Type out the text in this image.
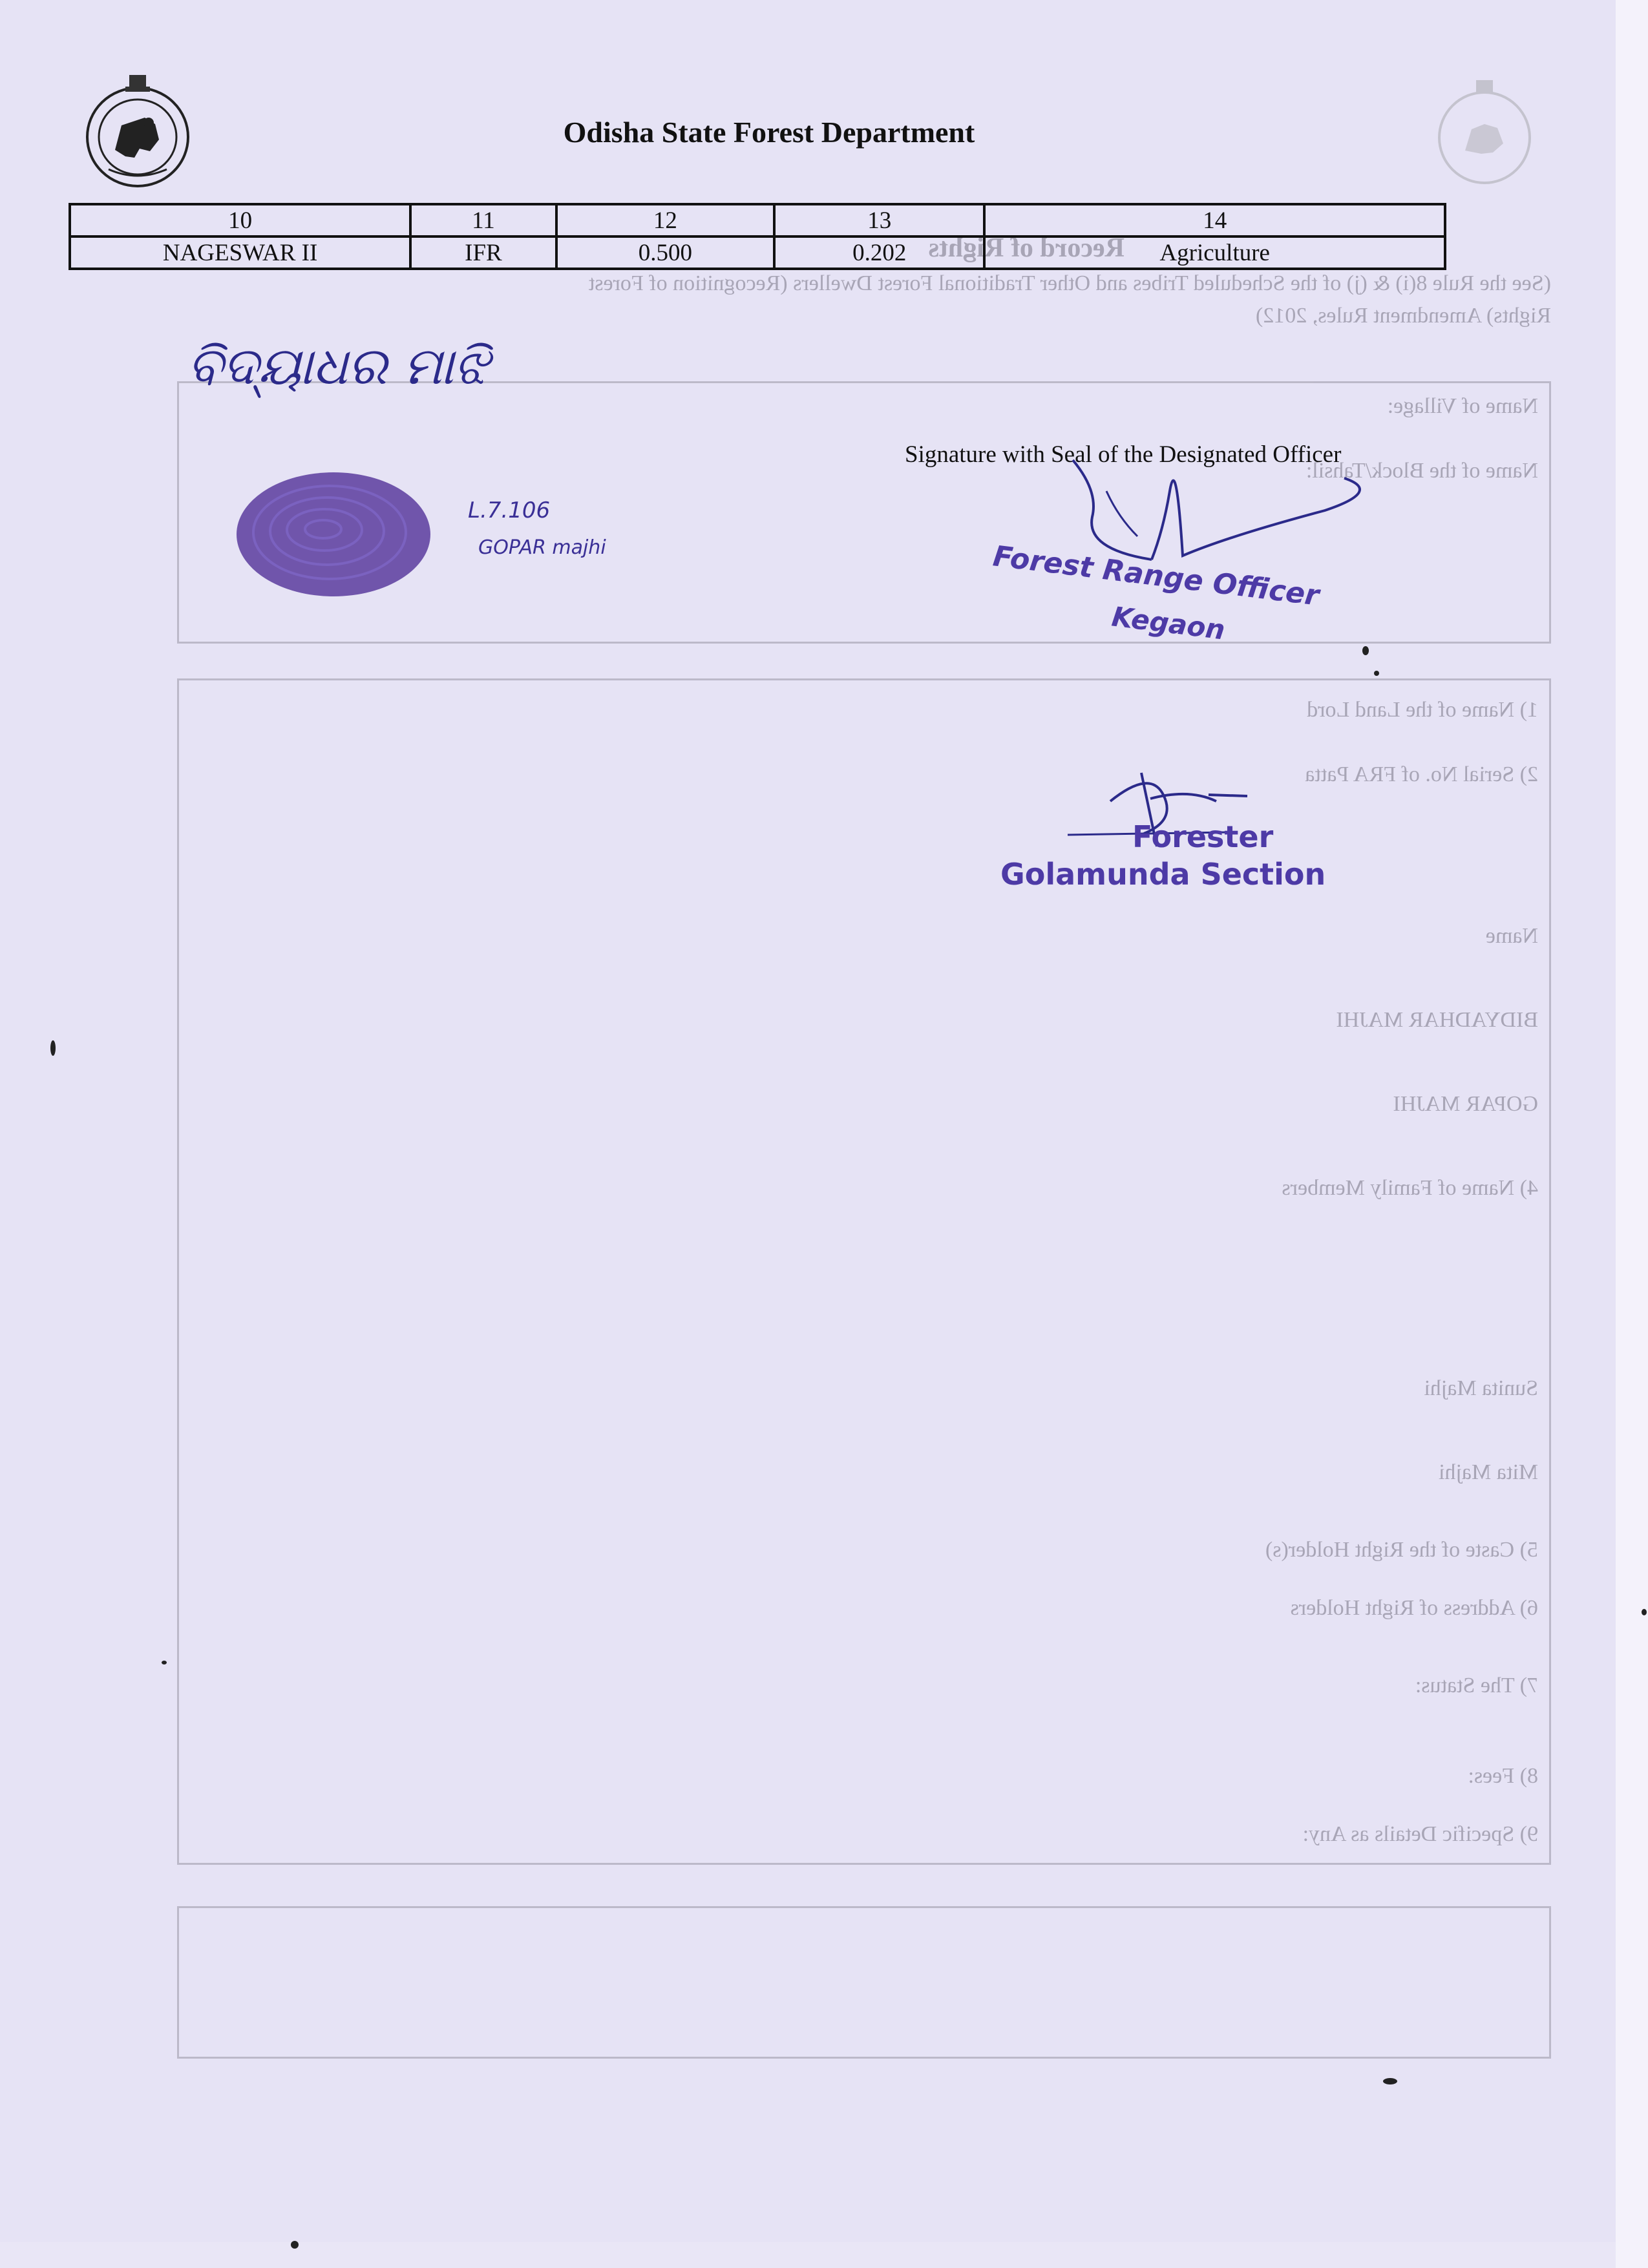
Record of Rights
(See the Rule 8(i) & (j) of the Scheduled Tribes and Other Traditional Forest Dwellers (Recognition of Forest
Rights) Amendment Rules, 2012)
Name of Village:
Name of the Block/Tahsil:
1) Name of the Land Lord
2) Serial No. of FRA Patta
Name
BIDYADHAR MAJHI
GOPAR MAJHI
4) Name of Family Members
Sunita Majhi
Mita Majhi
5) Caste of the Right Holder(s)
6) Address of Right Holders
7) The Status:
8) Fees:
9) Specific Details as Any:
Odisha State Forest Department
10	11	12	13	14
NAGESWAR II	IFR	0.500	0.202	Agriculture
ବିଦ୍ୟାଧର ମାଝି
L.7.106
GOPAR majhi
Signature with Seal of the Designated Officer
Forest Range Officer
Kegaon
Forester
Golamunda Section
